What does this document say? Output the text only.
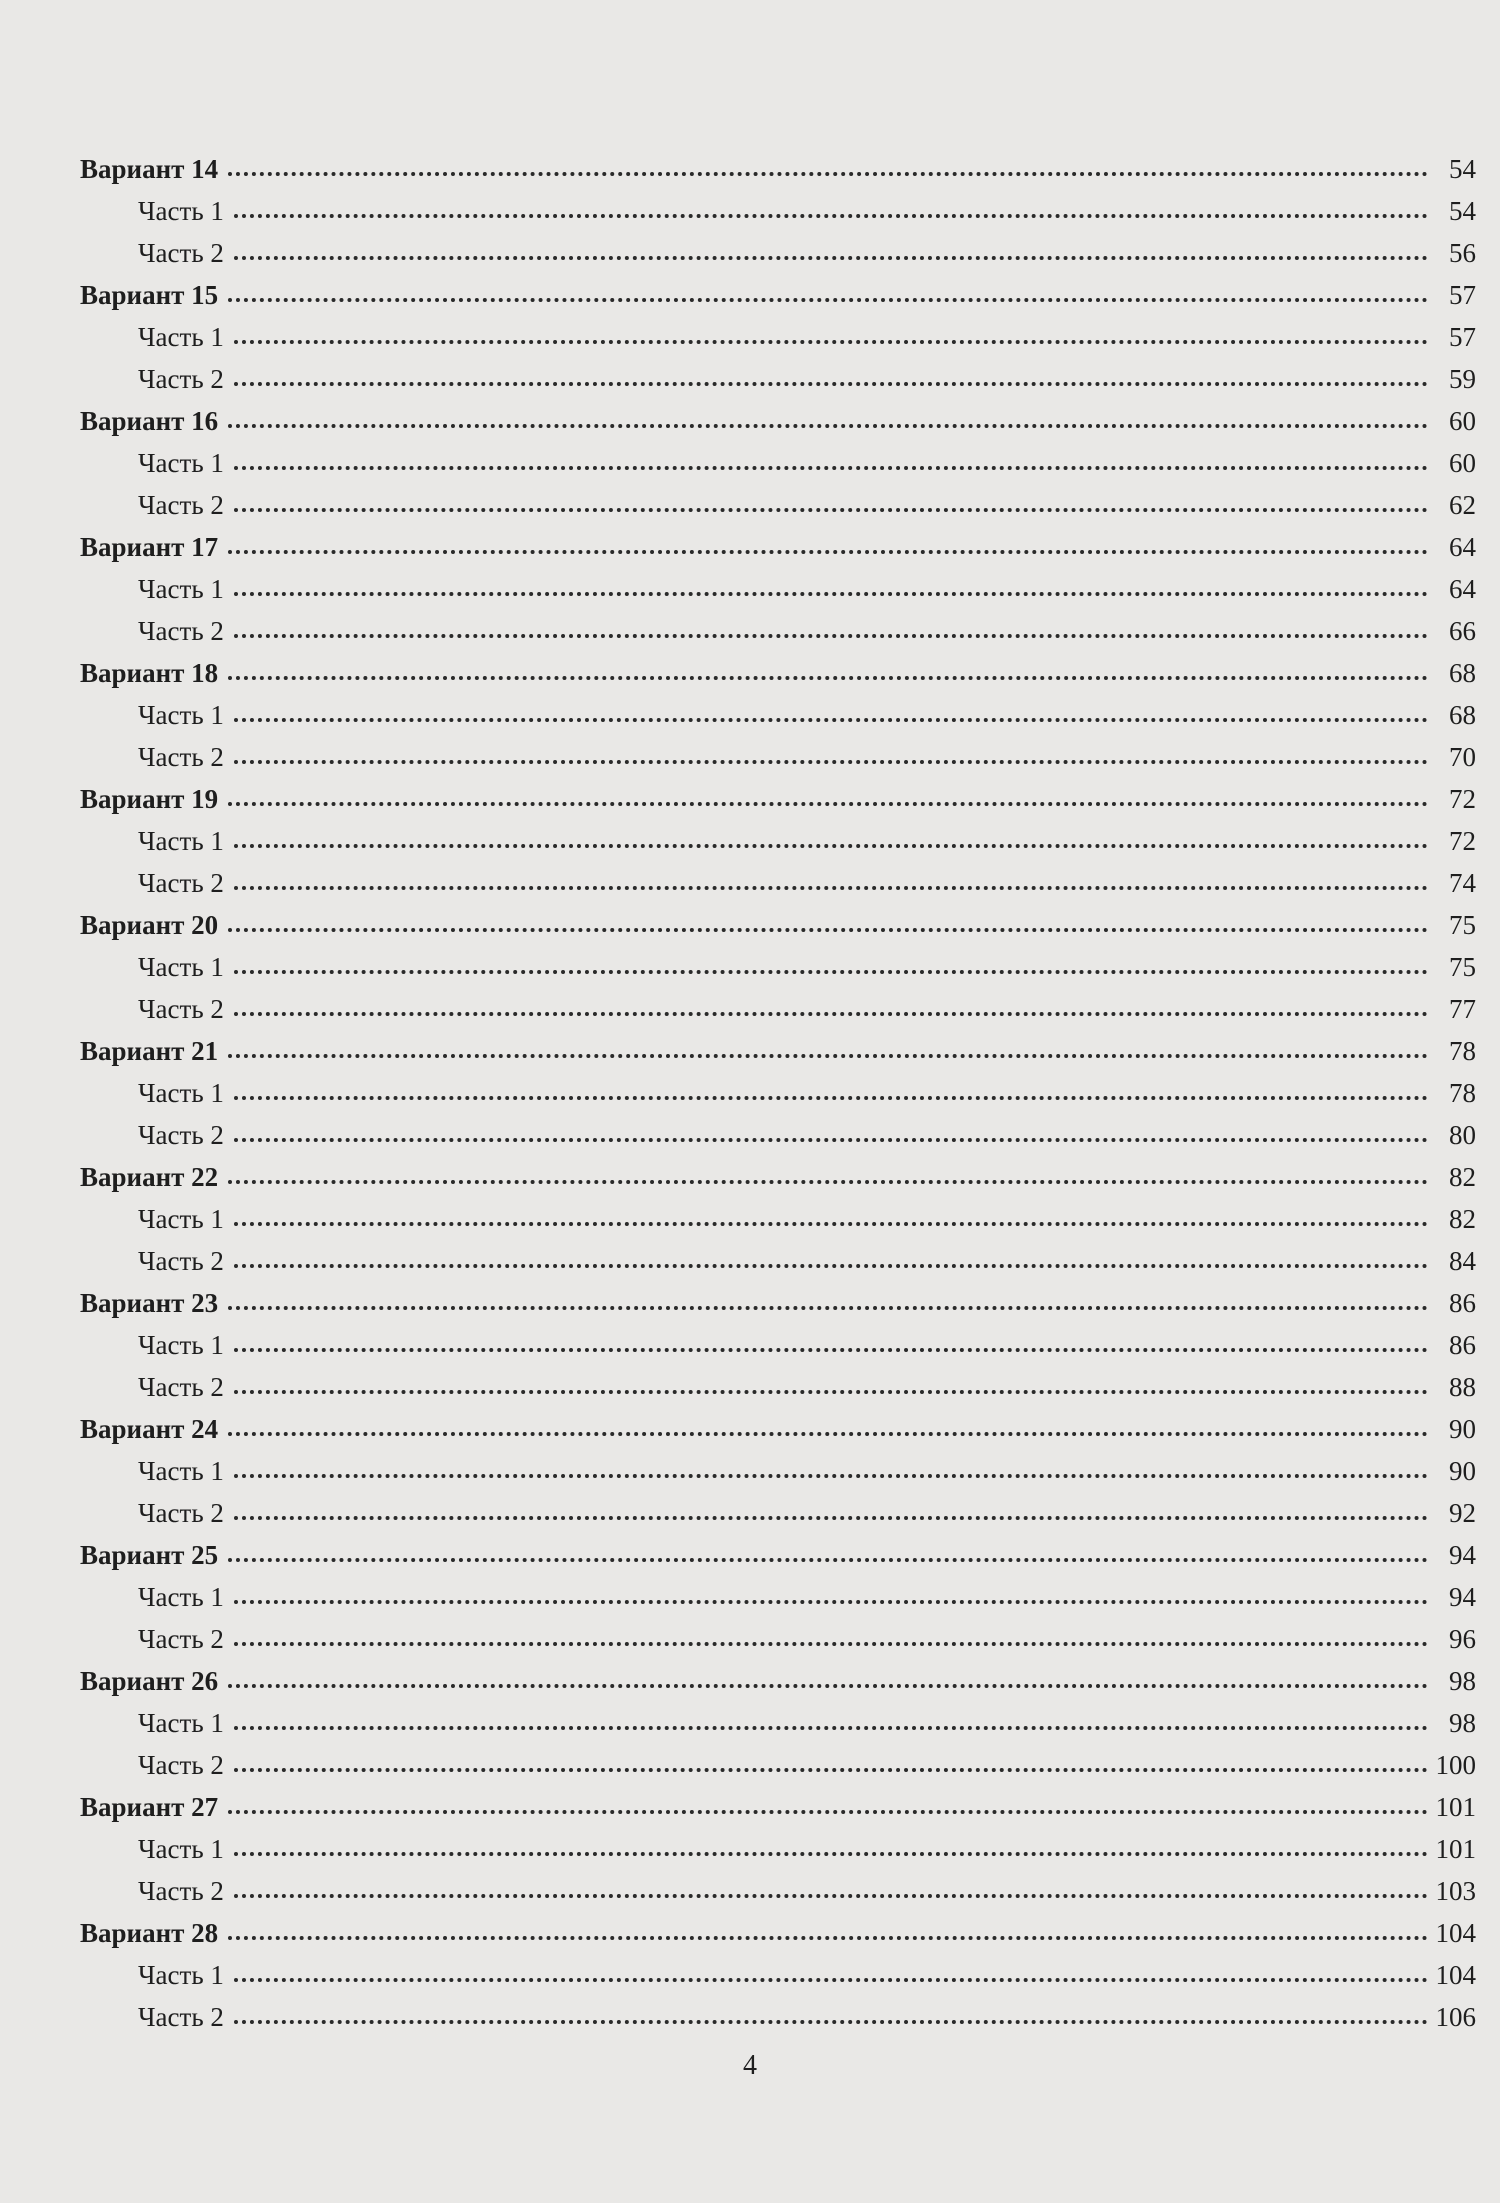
Вариант 14	54
Часть 1	54
Часть 2	56
Вариант 15	57
Часть 1	57
Часть 2	59
Вариант 16	60
Часть 1	60
Часть 2	62
Вариант 17	64
Часть 1	64
Часть 2	66
Вариант 18	68
Часть 1	68
Часть 2	70
Вариант 19	72
Часть 1	72
Часть 2	74
Вариант 20	75
Часть 1	75
Часть 2	77
Вариант 21	78
Часть 1	78
Часть 2	80
Вариант 22	82
Часть 1	82
Часть 2	84
Вариант 23	86
Часть 1	86
Часть 2	88
Вариант 24	90
Часть 1	90
Часть 2	92
Вариант 25	94
Часть 1	94
Часть 2	96
Вариант 26	98
Часть 1	98
Часть 2	100
Вариант 27	101
Часть 1	101
Часть 2	103
Вариант 28	104
Часть 1	104
Часть 2	106
4
